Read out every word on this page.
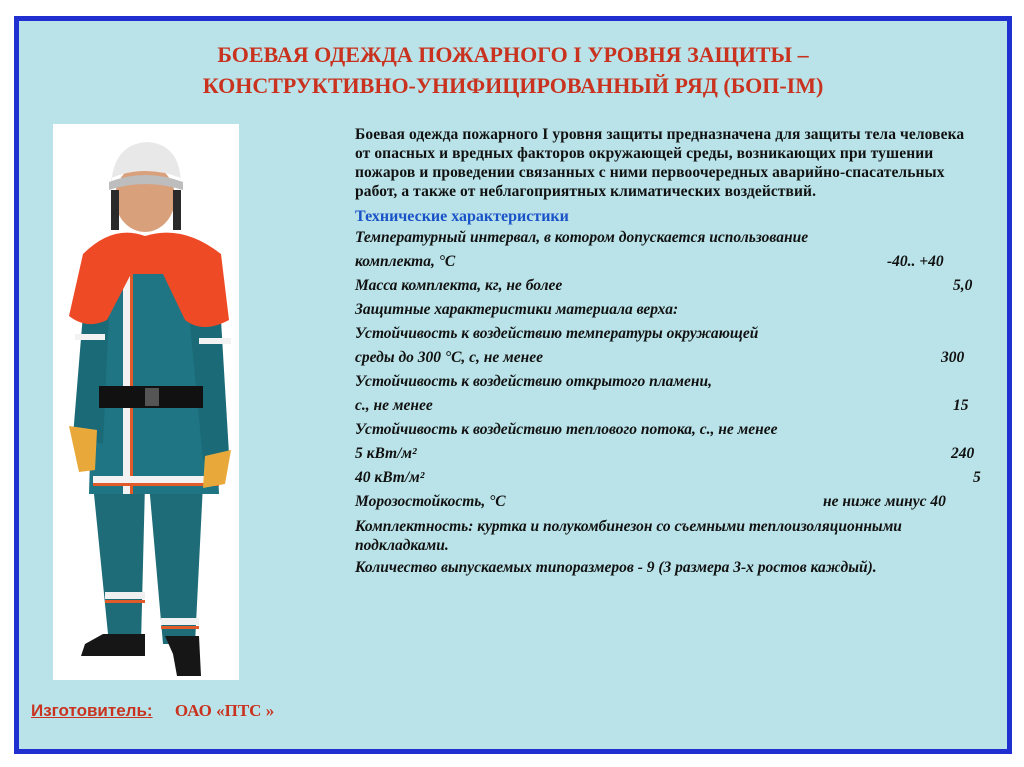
БОЕВАЯ ОДЕЖДА ПОЖАРНОГО I УРОВНЯ ЗАЩИТЫ –
КОНСТРУКТИВНО-УНИФИЦИРОВАННЫЙ РЯД (БОП-IМ)
Боевая одежда пожарного I уровня защиты предназначена для защиты тела человека от опасных и вредных факторов окружающей среды, возникающих при тушении пожаров и проведении связанных с ними первоочередных аварийно-спасательных работ, а также от неблагоприятных климатических воздействий.
Технические характеристики
Температурный интервал, в котором допускается использование
комплекта, °С	-40.. +40
Масса комплекта, кг, не более	5,0
Защитные характеристики материала верха:
Устойчивость к воздействию температуры окружающей
среды до 300 °С, с, не менее	300
Устойчивость к воздействию открытого пламени,
с., не менее	15
Устойчивость к воздействию теплового потока, с., не менее
5 кВт/м²	240
40 кВт/м²	5
Морозостойкость, °С	не ниже минус 40
Комплектность: куртка и полукомбинезон со съемными теплоизоляционными подкладками.
Количество выпускаемых типоразмеров - 9 (3 размера 3-х ростов каждый).
Изготовитель: ОАО «ПТС »
